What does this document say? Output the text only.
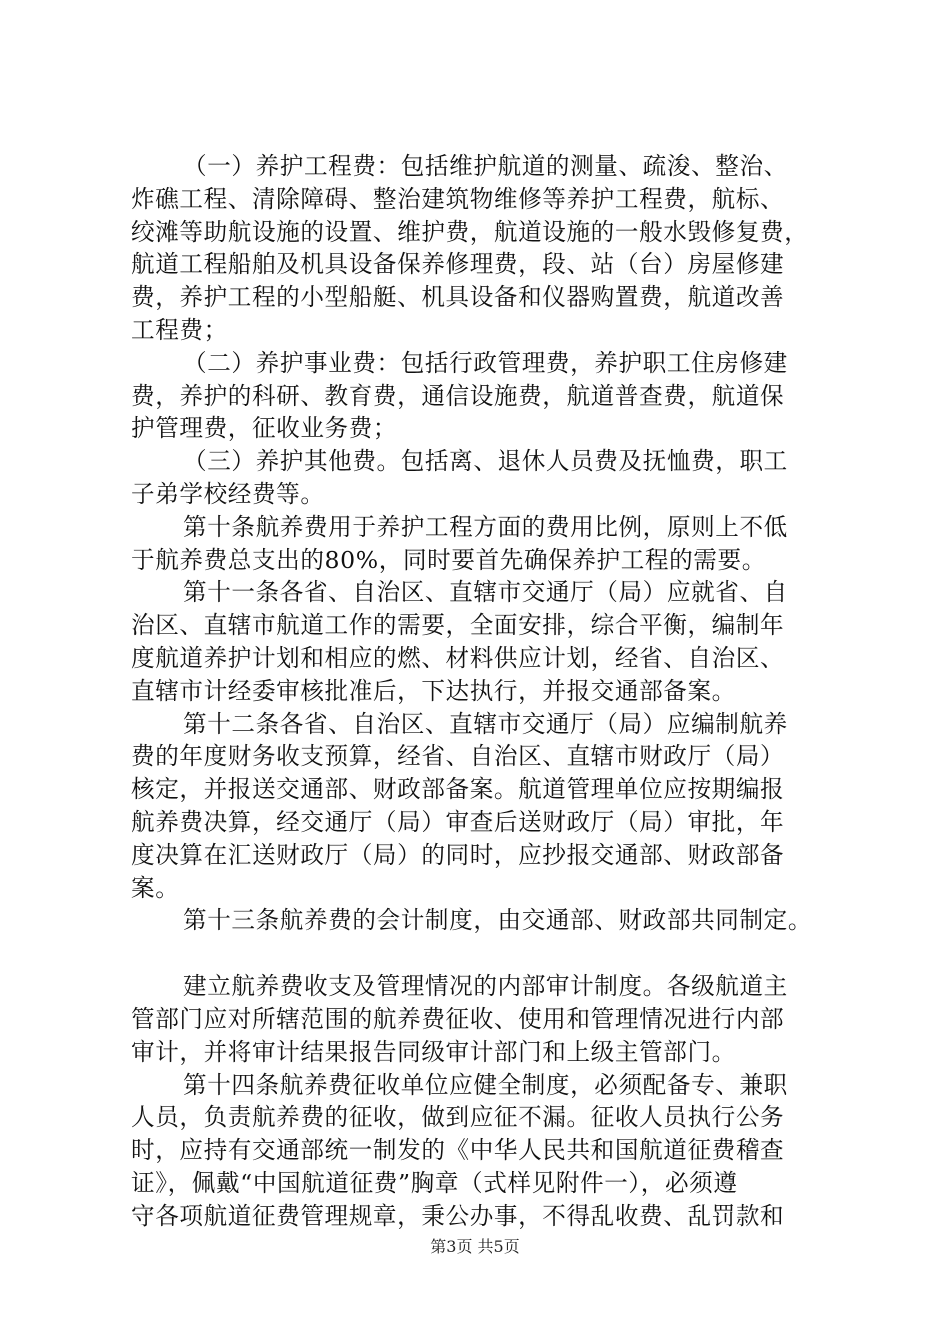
（一）养护工程费：包括维护航道的测量、疏浚、整治、
炸礁工程、清除障碍、整治建筑物维修等养护工程费，航标、
绞滩等助航设施的设置、维护费，航道设施的一般水毁修复费，
航道工程船舶及机具设备保养修理费，段、站（台）房屋修建
费，养护工程的小型船艇、机具设备和仪器购置费，航道改善
工程费；
（二）养护事业费：包括行政管理费，养护职工住房修建
费，养护的科研、教育费，通信设施费，航道普查费，航道保
护管理费，征收业务费；
（三）养护其他费。包括离、退休人员费及抚恤费，职工
子弟学校经费等。
第十条航养费用于养护工程方面的费用比例，原则上不低
于航养费总支出的80%，同时要首先确保养护工程的需要。
第十一条各省、自治区、直辖市交通厅（局）应就省、自
治区、直辖市航道工作的需要，全面安排，综合平衡，编制年
度航道养护计划和相应的燃、材料供应计划，经省、自治区、
直辖市计经委审核批准后，下达执行，并报交通部备案。
第十二条各省、自治区、直辖市交通厅（局）应编制航养
费的年度财务收支预算，经省、自治区、直辖市财政厅（局）
核定，并报送交通部、财政部备案。航道管理单位应按期编报
航养费决算，经交通厅（局）审查后送财政厅（局）审批，年
度决算在汇送财政厅（局）的同时，应抄报交通部、财政部备
案。
第十三条航养费的会计制度，由交通部、财政部共同制定。
建立航养费收支及管理情况的内部审计制度。各级航道主
管部门应对所辖范围的航养费征收、使用和管理情况进行内部
审计，并将审计结果报告同级审计部门和上级主管部门。
第十四条航养费征收单位应健全制度，必须配备专、兼职
人员，负责航养费的征收，做到应征不漏。征收人员执行公务
时，应持有交通部统一制发的《中华人民共和国航道征费稽查
证》，佩戴“中国航道征费”胸章（式样见附件一），必须遵
守各项航道征费管理规章，秉公办事，不得乱收费、乱罚款和
第3页 共5页
